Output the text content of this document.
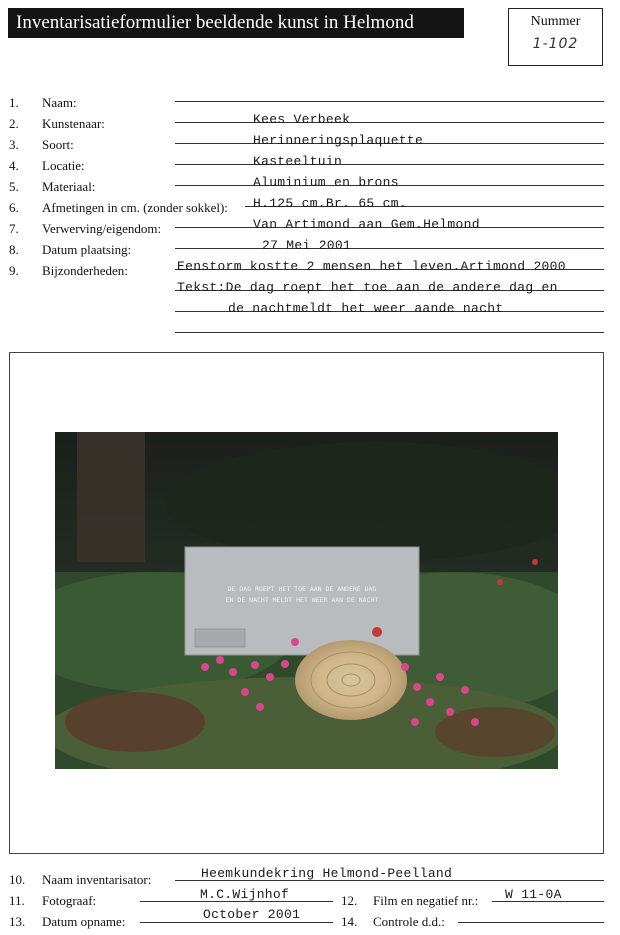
Inventarisatieformulier beeldende kunst in Helmond	Nummer
1-102
1. Naam:
2. Kunstenaar:	Kees Verbeek
3. Soort:	Herinneringsplaquette
4. Locatie:	Kasteeltuin
5. Materiaal:	Aluminium en brons
6. Afmetingen in cm. (zonder sokkel): H.125 cm.Br. 65 cm.
7. Verwerving/eigendom:	Van Artimond aan Gem.Helmond
8. Datum plaatsing:	27 Mei 2001
9. Bijzonderheden:	Eenstorm kostte 2 mensen het leven.Artimond 2000
Tekst:De dag roept het toe aan de andere dag en
de nachtmeldt het weer aande nacht
DE DAG ROEPT HET TOE AAN DE ANDERE DAG
EN DE NACHT MELDT HET WEER AAN DE NACHT
10. Naam inventarisator:	Heemkundekring Helmond-Peelland
11. Fotograaf:	M.C.Wijnhof	12. Film en negatief nr.: W 11-0A
13. Datum opname:	October 2001	14. Controle d.d.:
